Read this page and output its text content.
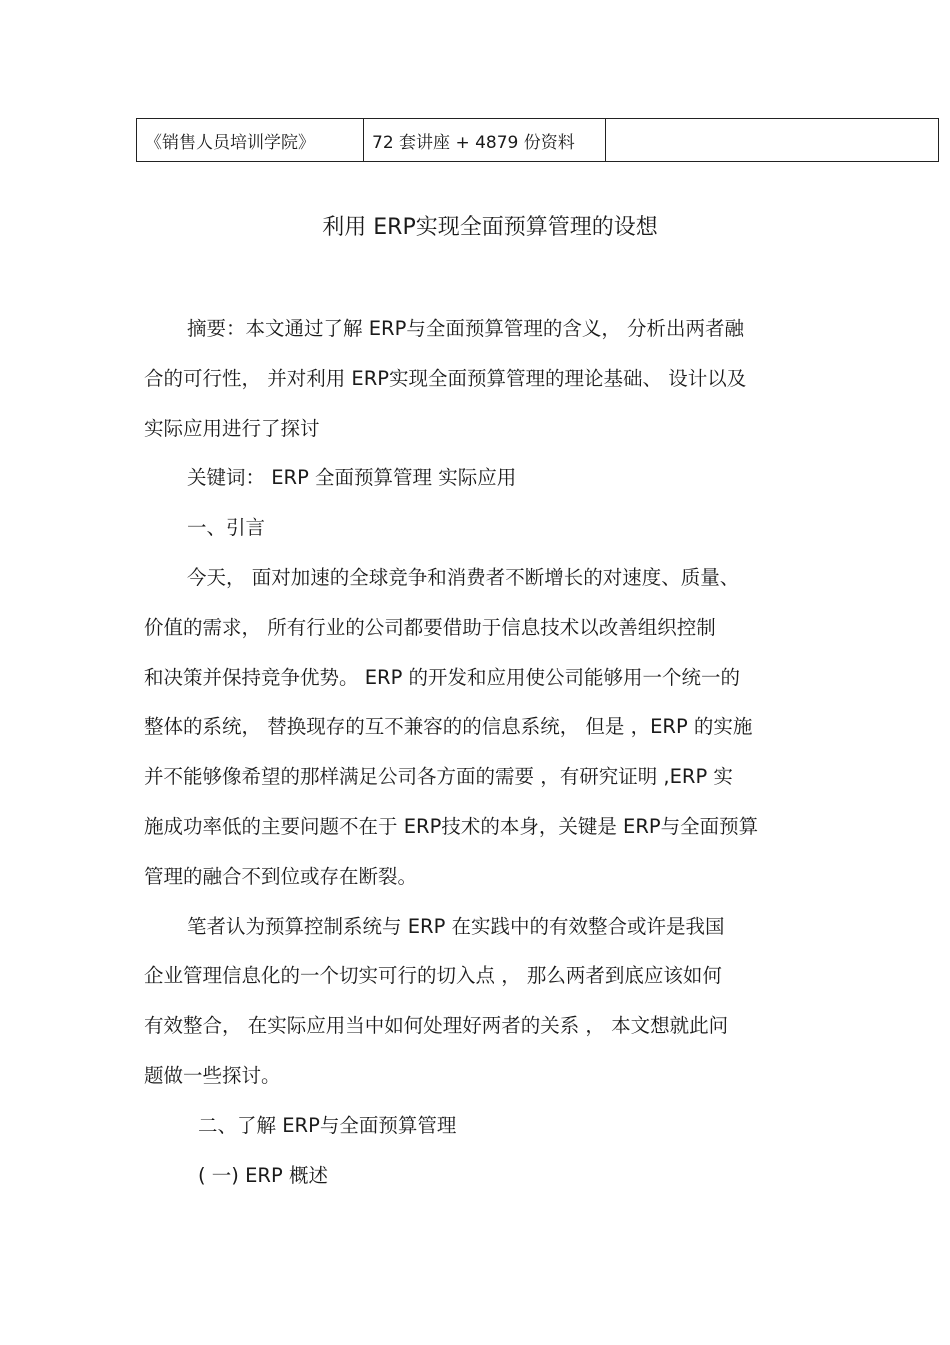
《销售人员培训学院》	72 套讲座 + 4879 份资料	
利用 ERP实现全面预算管理的设想
摘要：本文通过了解 ERP与全面预算管理的含义， 分析出两者融
合的可行性， 并对利用 ERP实现全面预算管理的理论基础、 设计以及
实际应用进行了探讨
关键词： ERP 全面预算管理 实际应用
一、引言
今天， 面对加速的全球竞争和消费者不断增长的对速度、质量、
价值的需求， 所有行业的公司都要借助于信息技术以改善组织控制
和决策并保持竞争优势。 ERP 的开发和应用使公司能够用一个统一的
整体的系统， 替换现存的互不兼容的的信息系统， 但是 ，ERP 的实施
并不能够像希望的那样满足公司各方面的需要 ，有研究证明 ,ERP 实
施成功率低的主要问题不在于 ERP技术的本身，关键是 ERP与全面预算
管理的融合不到位或存在断裂。
笔者认为预算控制系统与 ERP 在实践中的有效整合或许是我国
企业管理信息化的一个切实可行的切入点 ， 那么两者到底应该如何
有效整合， 在实际应用当中如何处理好两者的关系 ， 本文想就此问
题做一些探讨。
二、了解 ERP与全面预算管理
( 一) ERP 概述
